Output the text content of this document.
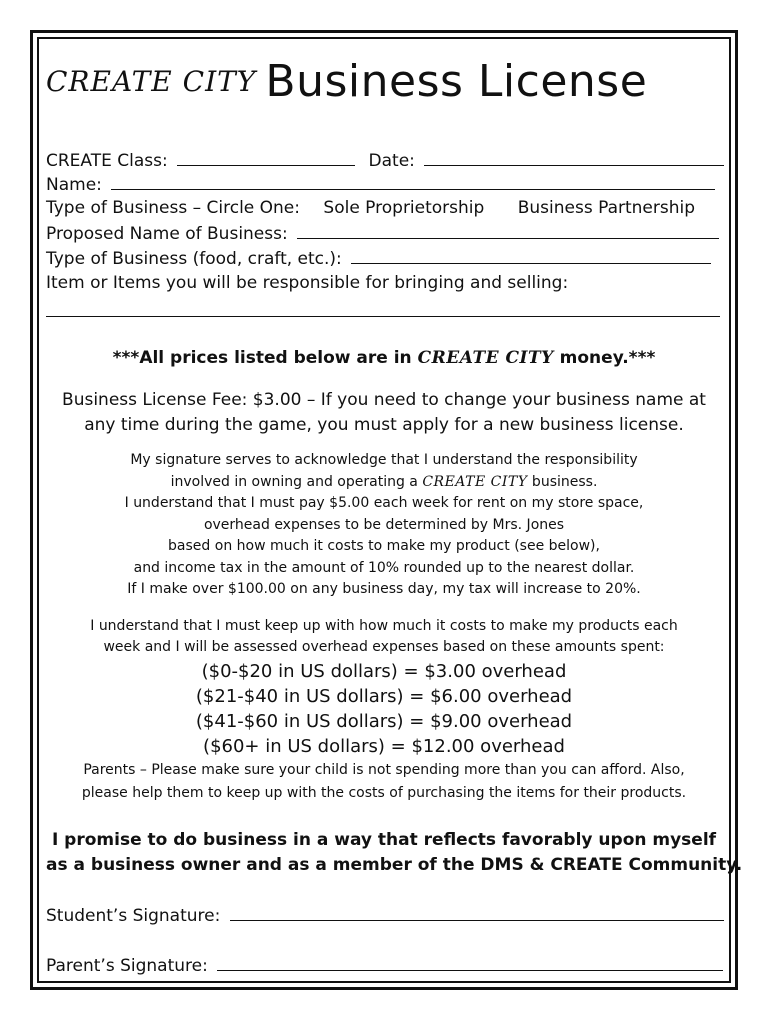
CREATE CITY Business License
CREATE Class:	Date:
Name:
Type of Business – Circle One: Sole Proprietorship Business Partnership
Proposed Name of Business:
Type of Business (food, craft, etc.):
Item or Items you will be responsible for bringing and selling:
***All prices listed below are in CREATE CITY money.***
Business License Fee: $3.00 – If you need to change your business name at
any time during the game, you must apply for a new business license.
My signature serves to acknowledge that I understand the responsibility
involved in owning and operating a CREATE CITY business.
I understand that I must pay $5.00 each week for rent on my store space,
overhead expenses to be determined by Mrs. Jones
based on how much it costs to make my product (see below),
and income tax in the amount of 10% rounded up to the nearest dollar.
If I make over $100.00 on any business day, my tax will increase to 20%.
I understand that I must keep up with how much it costs to make my products each
week and I will be assessed overhead expenses based on these amounts spent:
($0-$20 in US dollars) = $3.00 overhead
($21-$40 in US dollars) = $6.00 overhead
($41-$60 in US dollars) = $9.00 overhead
($60+ in US dollars) = $12.00 overhead
Parents – Please make sure your child is not spending more than you can afford. Also,
please help them to keep up with the costs of purchasing the items for their products.
I promise to do business in a way that reflects favorably upon myself
as a business owner and as a member of the DMS & CREATE Community.
Student’s Signature:
Parent’s Signature:
